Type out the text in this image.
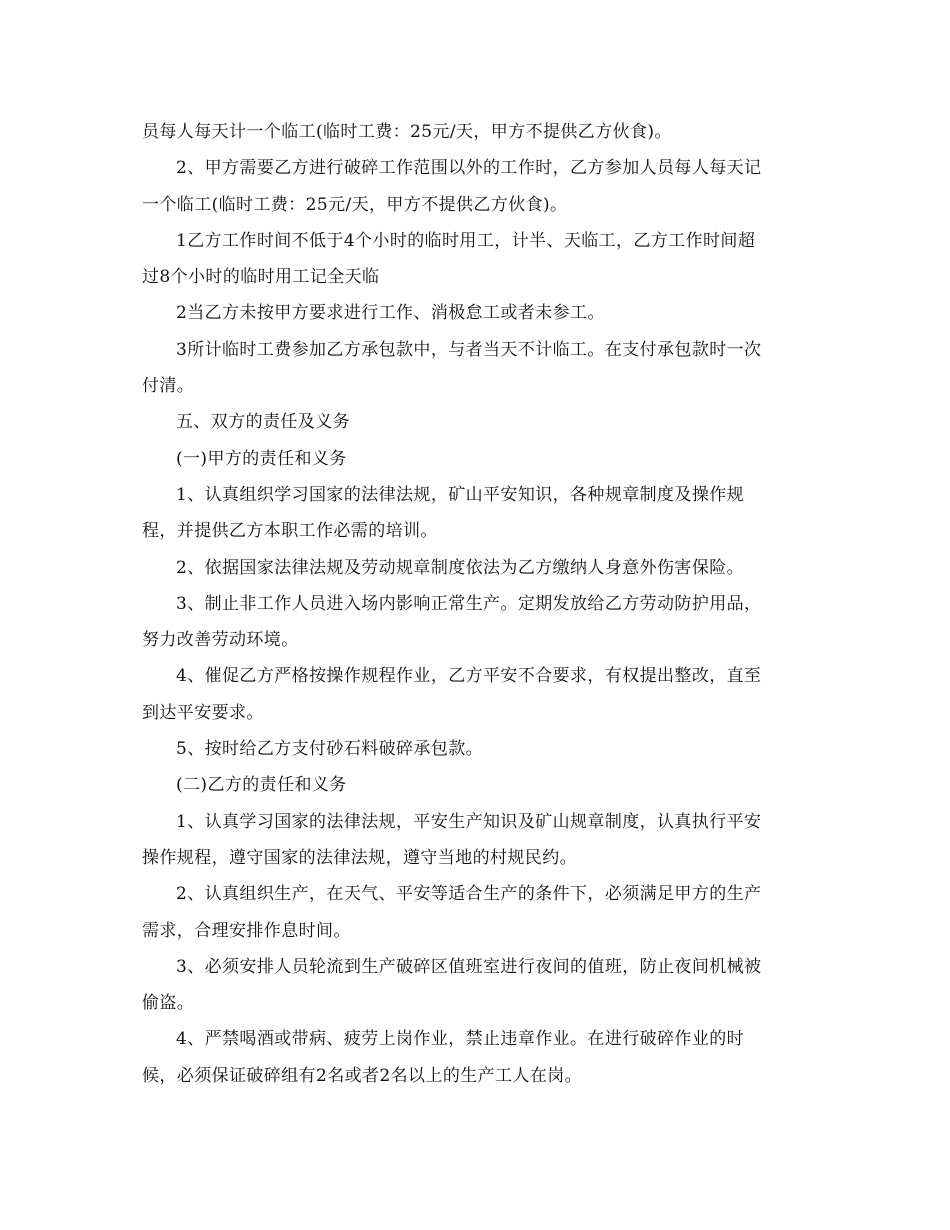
员每人每天计一个临工(临时工费：25元/天，甲方不提供乙方伙食)。

2、甲方需要乙方进行破碎工作范围以外的工作时，乙方参加人员每人每天记
一个临工(临时工费：25元/天，甲方不提供乙方伙食)。

1乙方工作时间不低于4个小时的临时用工，计半、天临工，乙方工作时间超
过8个小时的临时用工记全天临

2当乙方未按甲方要求进行工作、消极怠工或者未参工。

3所计临时工费参加乙方承包款中，与者当天不计临工。在支付承包款时一次
付清。

五、双方的责任及义务

(一)甲方的责任和义务

1、认真组织学习国家的法律法规，矿山平安知识，各种规章制度及操作规
程，并提供乙方本职工作必需的培训。

2、依据国家法律法规及劳动规章制度依法为乙方缴纳人身意外伤害保险。

3、制止非工作人员进入场内影响正常生产。定期发放给乙方劳动防护用品，
努力改善劳动环境。

4、催促乙方严格按操作规程作业，乙方平安不合要求，有权提出整改，直至
到达平安要求。

5、按时给乙方支付砂石料破碎承包款。

(二)乙方的责任和义务

1、认真学习国家的法律法规，平安生产知识及矿山规章制度，认真执行平安
操作规程，遵守国家的法律法规，遵守当地的村规民约。

2、认真组织生产，在天气、平安等适合生产的条件下，必须满足甲方的生产
需求，合理安排作息时间。

3、必须安排人员轮流到生产破碎区值班室进行夜间的值班，防止夜间机械被
偷盗。

4、严禁喝酒或带病、疲劳上岗作业，禁止违章作业。在进行破碎作业的时
候，必须保证破碎组有2名或者2名以上的生产工人在岗。
